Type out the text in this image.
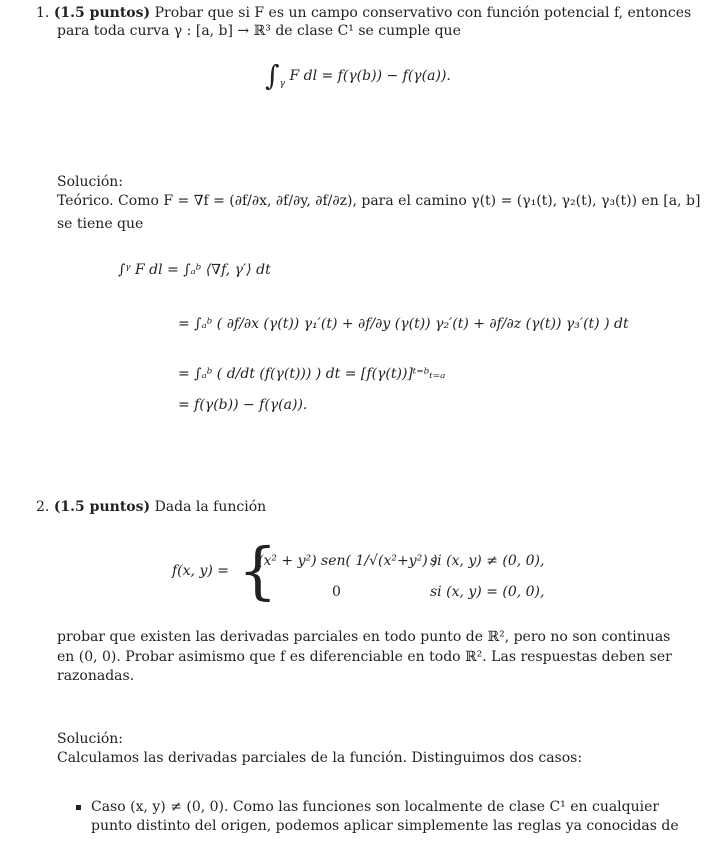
1. (1.5 puntos) Probar que si F es un campo conservativo con función potencial f, entonces
para toda curva γ : [a, b] → ℝ³ de clase C¹ se cumple que
$\int_\gamma$ F dl = f(γ(b)) − f(γ(a)).
Solución:
Teórico. Como F = ∇f = (∂f/∂x, ∂f/∂y, ∂f/∂z), para el camino γ(t) = (γ₁(t), γ₂(t), γ₃(t)) en [a, b]
se tiene que
∫ᵞ F dl = ∫ₐᵇ ⟨∇f, γ′⟩ dt
= ∫ₐᵇ ( ∂f/∂x (γ(t)) γ₁′(t) + ∂f/∂y (γ(t)) γ₂′(t) + ∂f/∂z (γ(t)) γ₃′(t) ) dt
= ∫ₐᵇ ( d/dt (f(γ(t))) ) dt = [f(γ(t))]ᵗ⁼ᵇₜ₌ₐ
= f(γ(b)) − f(γ(a)).
2. (1.5 puntos) Dada la función
f(x, y) = {
(x² + y²) sen( 1/√(x²+y²) )
si (x, y) ≠ (0, 0),
0	si (x, y) = (0, 0),
probar que existen las derivadas parciales en todo punto de ℝ², pero no son continuas
en (0, 0). Probar asimismo que f es diferenciable en todo ℝ². Las respuestas deben ser
razonadas.
Solución:
Calculamos las derivadas parciales de la función. Distinguimos dos casos:
Caso (x, y) ≠ (0, 0). Como las funciones son localmente de clase C¹ en cualquier
punto distinto del origen, podemos aplicar simplemente las reglas ya conocidas de
